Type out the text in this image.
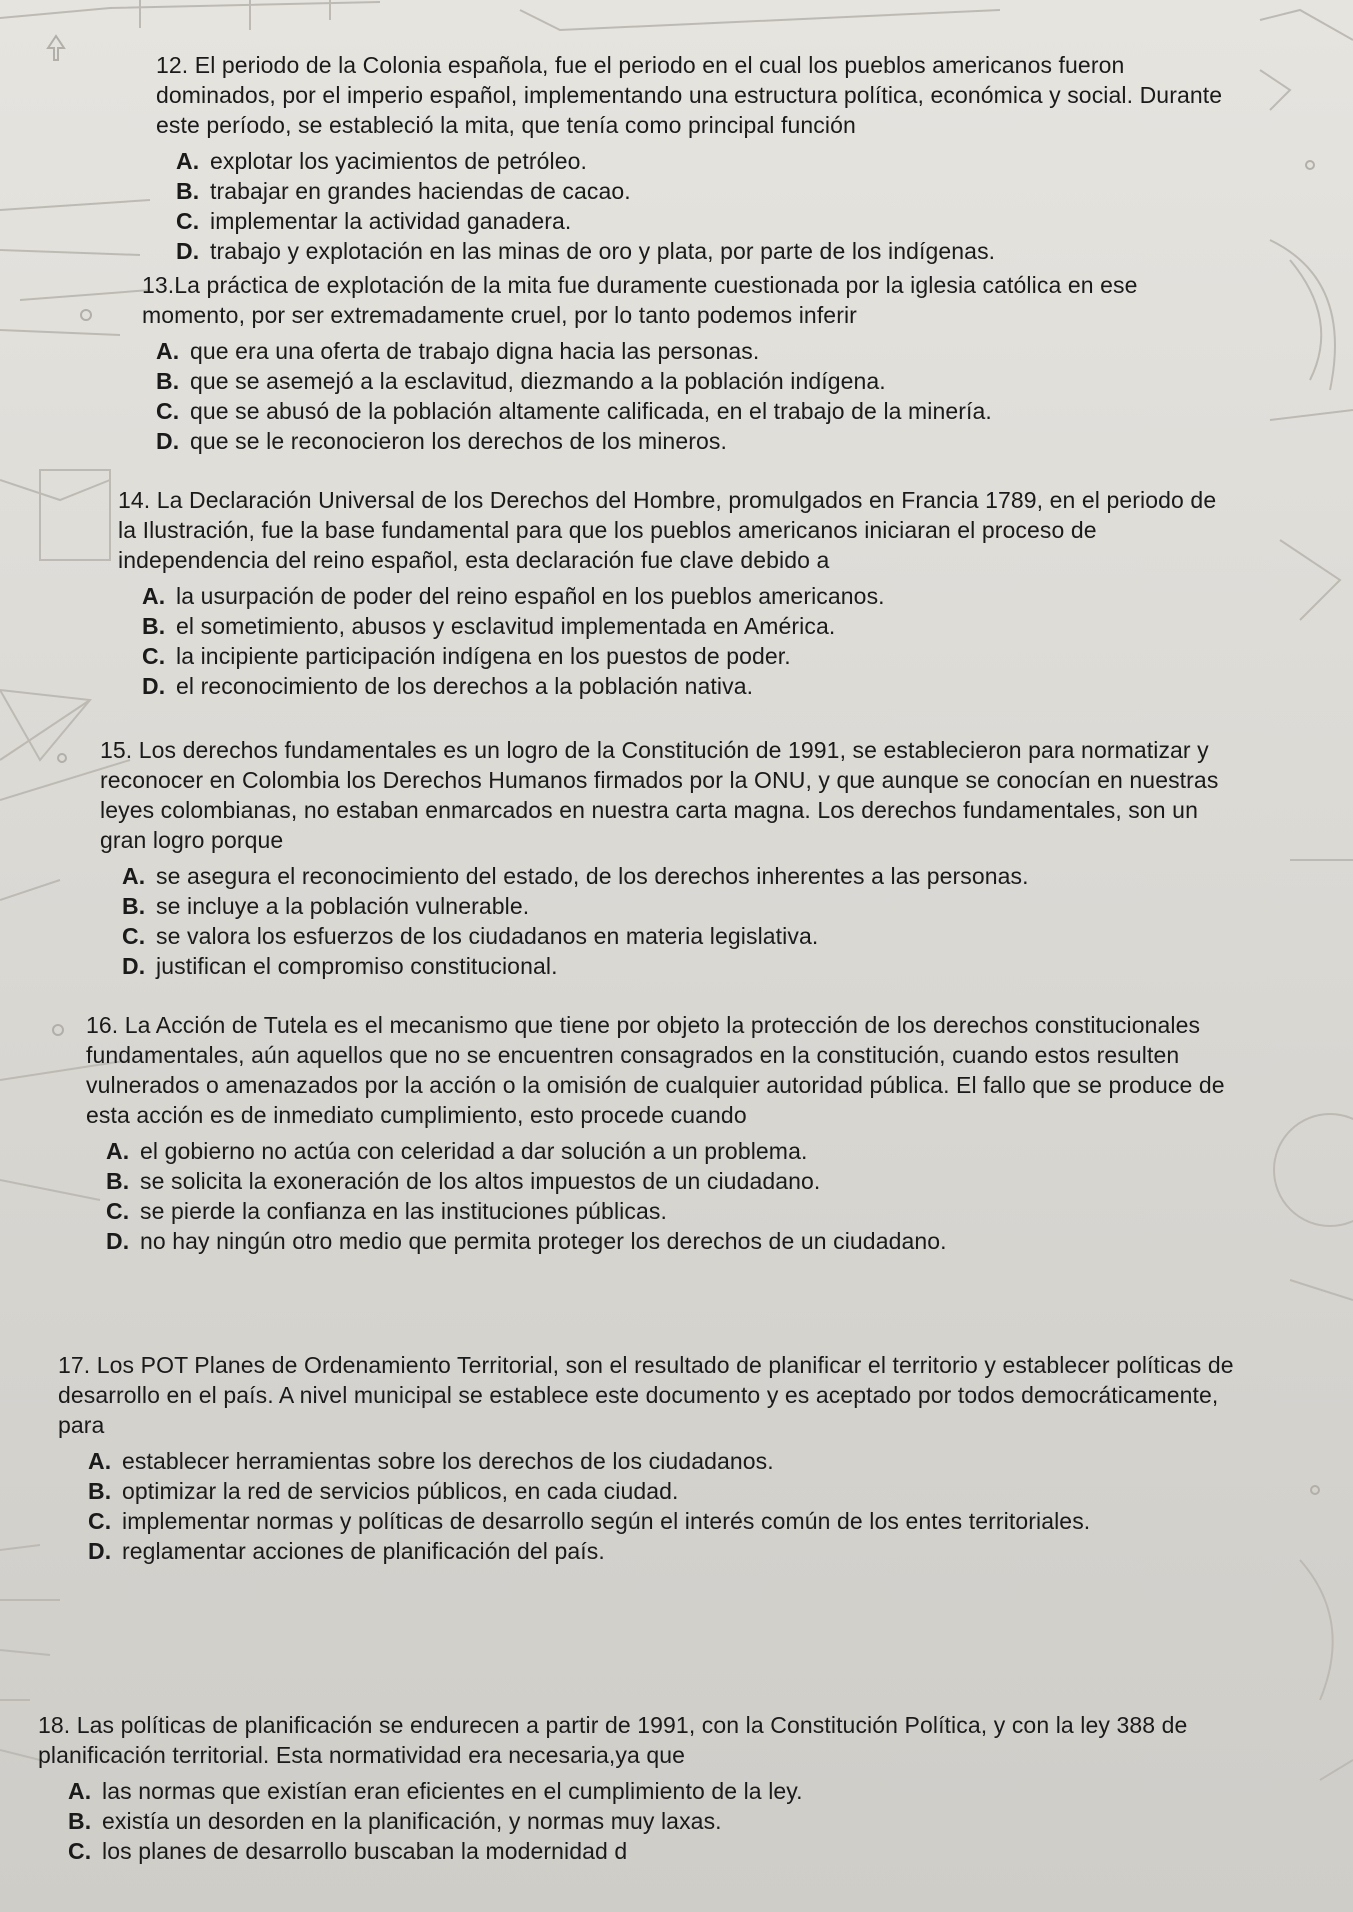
12. El periodo de la Colonia española, fue el periodo en el cual los pueblos americanos fueron dominados, por el imperio español, implementando una estructura política, económica y social. Durante este período, se estableció la mita, que tenía como principal función

A. explotar los yacimientos de petróleo.
B. trabajar en grandes haciendas de cacao.
C. implementar la actividad ganadera.
D. trabajo y explotación en las minas de oro y plata, por parte de los indígenas.

13.La práctica de explotación de la mita fue duramente cuestionada por la iglesia católica en ese momento, por ser extremadamente cruel, por lo tanto podemos inferir

A. que era una oferta de trabajo digna hacia las personas.
B. que se asemejó a la esclavitud, diezmando a la población indígena.
C. que se abusó de la población altamente calificada, en el trabajo de la minería.
D. que se le reconocieron los derechos de los mineros.

14. La Declaración Universal de los Derechos del Hombre, promulgados en Francia 1789, en el periodo de la Ilustración, fue la base fundamental para que los pueblos americanos iniciaran el proceso de independencia del reino español, esta declaración fue clave debido a

A. la usurpación de poder del reino español en los pueblos americanos.
B. el sometimiento, abusos y esclavitud implementada en América.
C. la incipiente participación indígena en los puestos de poder.
D. el reconocimiento de los derechos a la población nativa.

15. Los derechos fundamentales es un logro de la Constitución de 1991, se establecieron para normatizar y reconocer en Colombia los Derechos Humanos firmados por la ONU, y que aunque se conocían en nuestras leyes colombianas, no estaban enmarcados en nuestra carta magna. Los derechos fundamentales, son un gran logro porque

A. se asegura el reconocimiento del estado, de los derechos inherentes a las personas.
B. se incluye a la población vulnerable.
C. se valora los esfuerzos de los ciudadanos en materia legislativa.
D. justifican el compromiso constitucional.

16. La Acción de Tutela es el mecanismo que tiene por objeto la protección de los derechos constitucionales fundamentales, aún aquellos que no se encuentren consagrados en la constitución, cuando estos resulten vulnerados o amenazados por la acción o la omisión de cualquier autoridad pública. El fallo que se produce de esta acción es de inmediato cumplimiento, esto procede cuando

A. el gobierno no actúa con celeridad a dar solución a un problema.
B. se solicita la exoneración de los altos impuestos de un ciudadano.
C. se pierde la confianza en las instituciones públicas.
D. no hay ningún otro medio que permita proteger los derechos de un ciudadano.

17. Los POT Planes de Ordenamiento Territorial, son el resultado de planificar el territorio y establecer políticas de desarrollo en el país. A nivel municipal se establece este documento y es aceptado por todos democráticamente, para

A. establecer herramientas sobre los derechos de los ciudadanos.
B. optimizar la red de servicios públicos, en cada ciudad.
C. implementar normas y políticas de desarrollo según el interés común de los entes territoriales.
D. reglamentar acciones de planificación del país.

18. Las políticas de planificación se endurecen a partir de 1991, con la Constitución Política, y con la ley 388 de planificación territorial. Esta normatividad era necesaria,ya que

A. las normas que existían eran eficientes en el cumplimiento de la ley.
B. existía un desorden en la planificación, y normas muy laxas.
C. los planes de desarrollo buscaban la modernidad d
